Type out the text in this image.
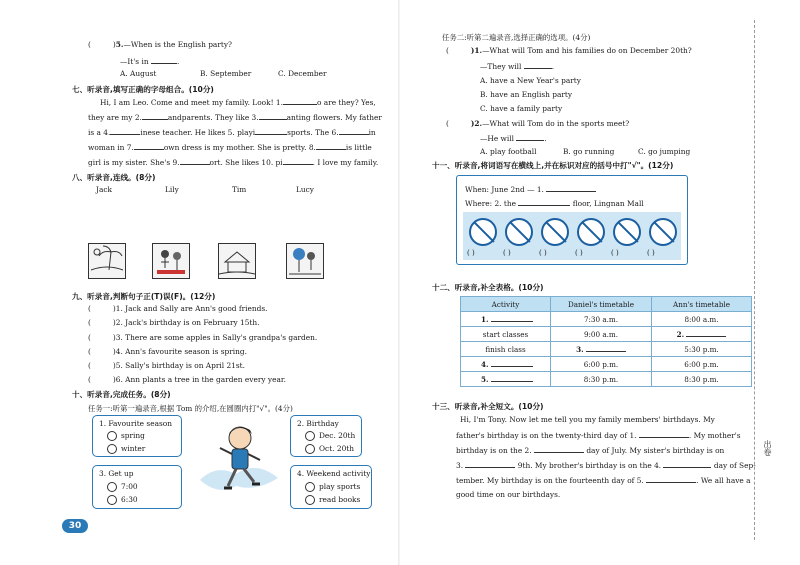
(	)5.—When is the English party?
—It's in	.
A. August	B. September	C. December
七、听录音,填写正确的字母组合。(10分)
Hi, I am Leo. Come and meet my family. Look! 1.	o are they? Yes,
they are my 2.	andparents. They like 3.	anting flowers. My father
is a 4.	inese teacher. He likes 5. playi	sports. The 6.	in
woman in 7.	own dress is my mother. She is pretty. 8.	is little
girl is my sister. She's 9.	ort. She likes 10. pi	. I love my family.
八、听录音,连线。(8分)
Jack	Lily	Tim	Lucy
九、听录音,判断句子正(T)误(F)。(12分)
(	)1. Jack and Sally are Ann's good friends.
(	)2. Jack's birthday is on February 15th.
(	)3. There are some apples in Sally's grandpa's garden.
(	)4. Ann's favourite season is spring.
(	)5. Sally's birthday is on April 21st.
(	)6. Ann plants a tree in the garden every year.
十、听录音,完成任务。(8分)
任务一:听第一遍录音,根据 Tom 的介绍,在圆圈内打"√"。(4分)
1. Favourite season
spring
winter
2. Birthday
Dec. 20th
Oct. 20th
3. Get up
7:00
6:30
4. Weekend activity
play sports
read books
30
任务二:听第二遍录音,选择正确的选项。(4分)
(	)1.—What will Tom and his families do on December 20th?
—They will	.
A. have a New Year's party
B. have an English party
C. have a family party
(	)2.—What will Tom do in the sports meet?
—He will	.
A. play football	B. go running	C. go jumping
十一、听录音,将词语写在横线上,并在标识对应的括号中打"√"。(12分)
When: June 2nd — 1.
Where: 2. the	floor, Lingnan Mall
( )	( )	( )	( )	( )	( )
十二、听录音,补全表格。(10分)
Activity	Daniel's timetable	Ann's timetable
1.	7:30 a.m.	8:00 a.m.
start classes	9:00 a.m.	2.
finish class	3.	5:30 p.m.
4.	6:00 p.m.	6:00 p.m.
5.	8:30 p.m.	8:30 p.m.
十三、听录音,补全短文。(10分)
Hi, I'm Tony. Now let me tell you my family members' birthdays. My
father's birthday is on the twenty-third day of 1.	. My mother's
birthday is on the 2.	day of July. My sister's birthday is on
3.	9th. My brother's birthday is on the 4.	day of Sep-
tember. My birthday is on the fourteenth day of 5.	. We all have a
good time on our birthdays.
出卷
